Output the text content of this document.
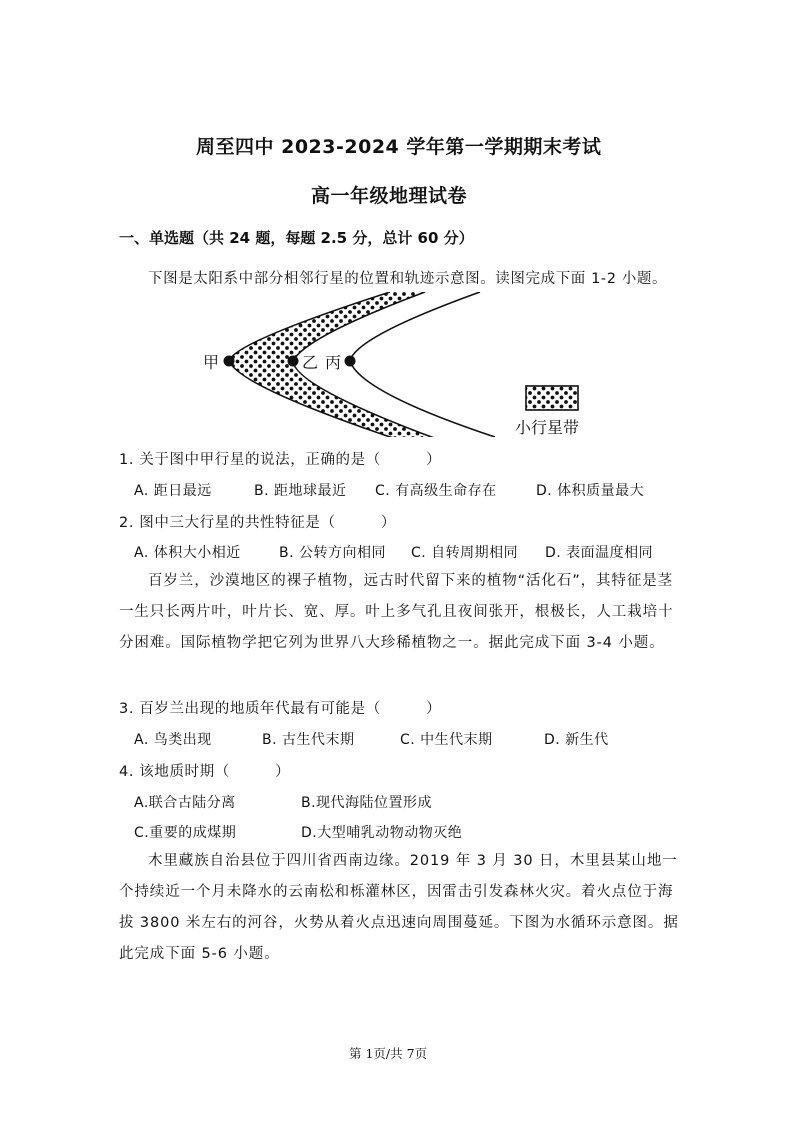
周至四中 2023-2024 学年第一学期期末考试
高一年级地理试卷
一、单选题（共 24 题，每题 2.5 分，总计 60 分）
下图是太阳系中部分相邻行星的位置和轨迹示意图。读图完成下面 1-2 小题。
甲	乙 丙
小行星带
1. 关于图中甲行星的说法，正确的是（　　　）
A. 距日最远	B. 距地球最近 C. 有高级生命存在	D. 体积质量最大
2. 图中三大行星的共性特征是（　　　）
A. 体积大小相近	B. 公转方向相同 C. 自转周期相同 D. 表面温度相同
百岁兰，沙漠地区的裸子植物，远古时代留下来的植物“活化石”，其特征是茎一生只长两片叶，叶片长、宽、厚。叶上多气孔且夜间张开，根极长，人工栽培十分困难。国际植物学把它列为世界八大珍稀植物之一。据此完成下面 3-4 小题。
3. 百岁兰出现的地质年代最有可能是（　　　）
A. 鸟类出现	B. 古生代末期	C. 中生代末期	D. 新生代
4. 该地质时期（　　　）
A.联合古陆分离	B.现代海陆位置形成
C.重要的成煤期	D.大型哺乳动物动物灭绝
木里藏族自治县位于四川省西南边缘。2019 年 3 月 30 日，木里县某山地一个持续近一个月未降水的云南松和栎灌林区，因雷击引发森林火灾。着火点位于海拔 3800 米左右的河谷，火势从着火点迅速向周围蔓延。下图为水循环示意图。据此完成下面 5-6 小题。
第 1页/共 7页
